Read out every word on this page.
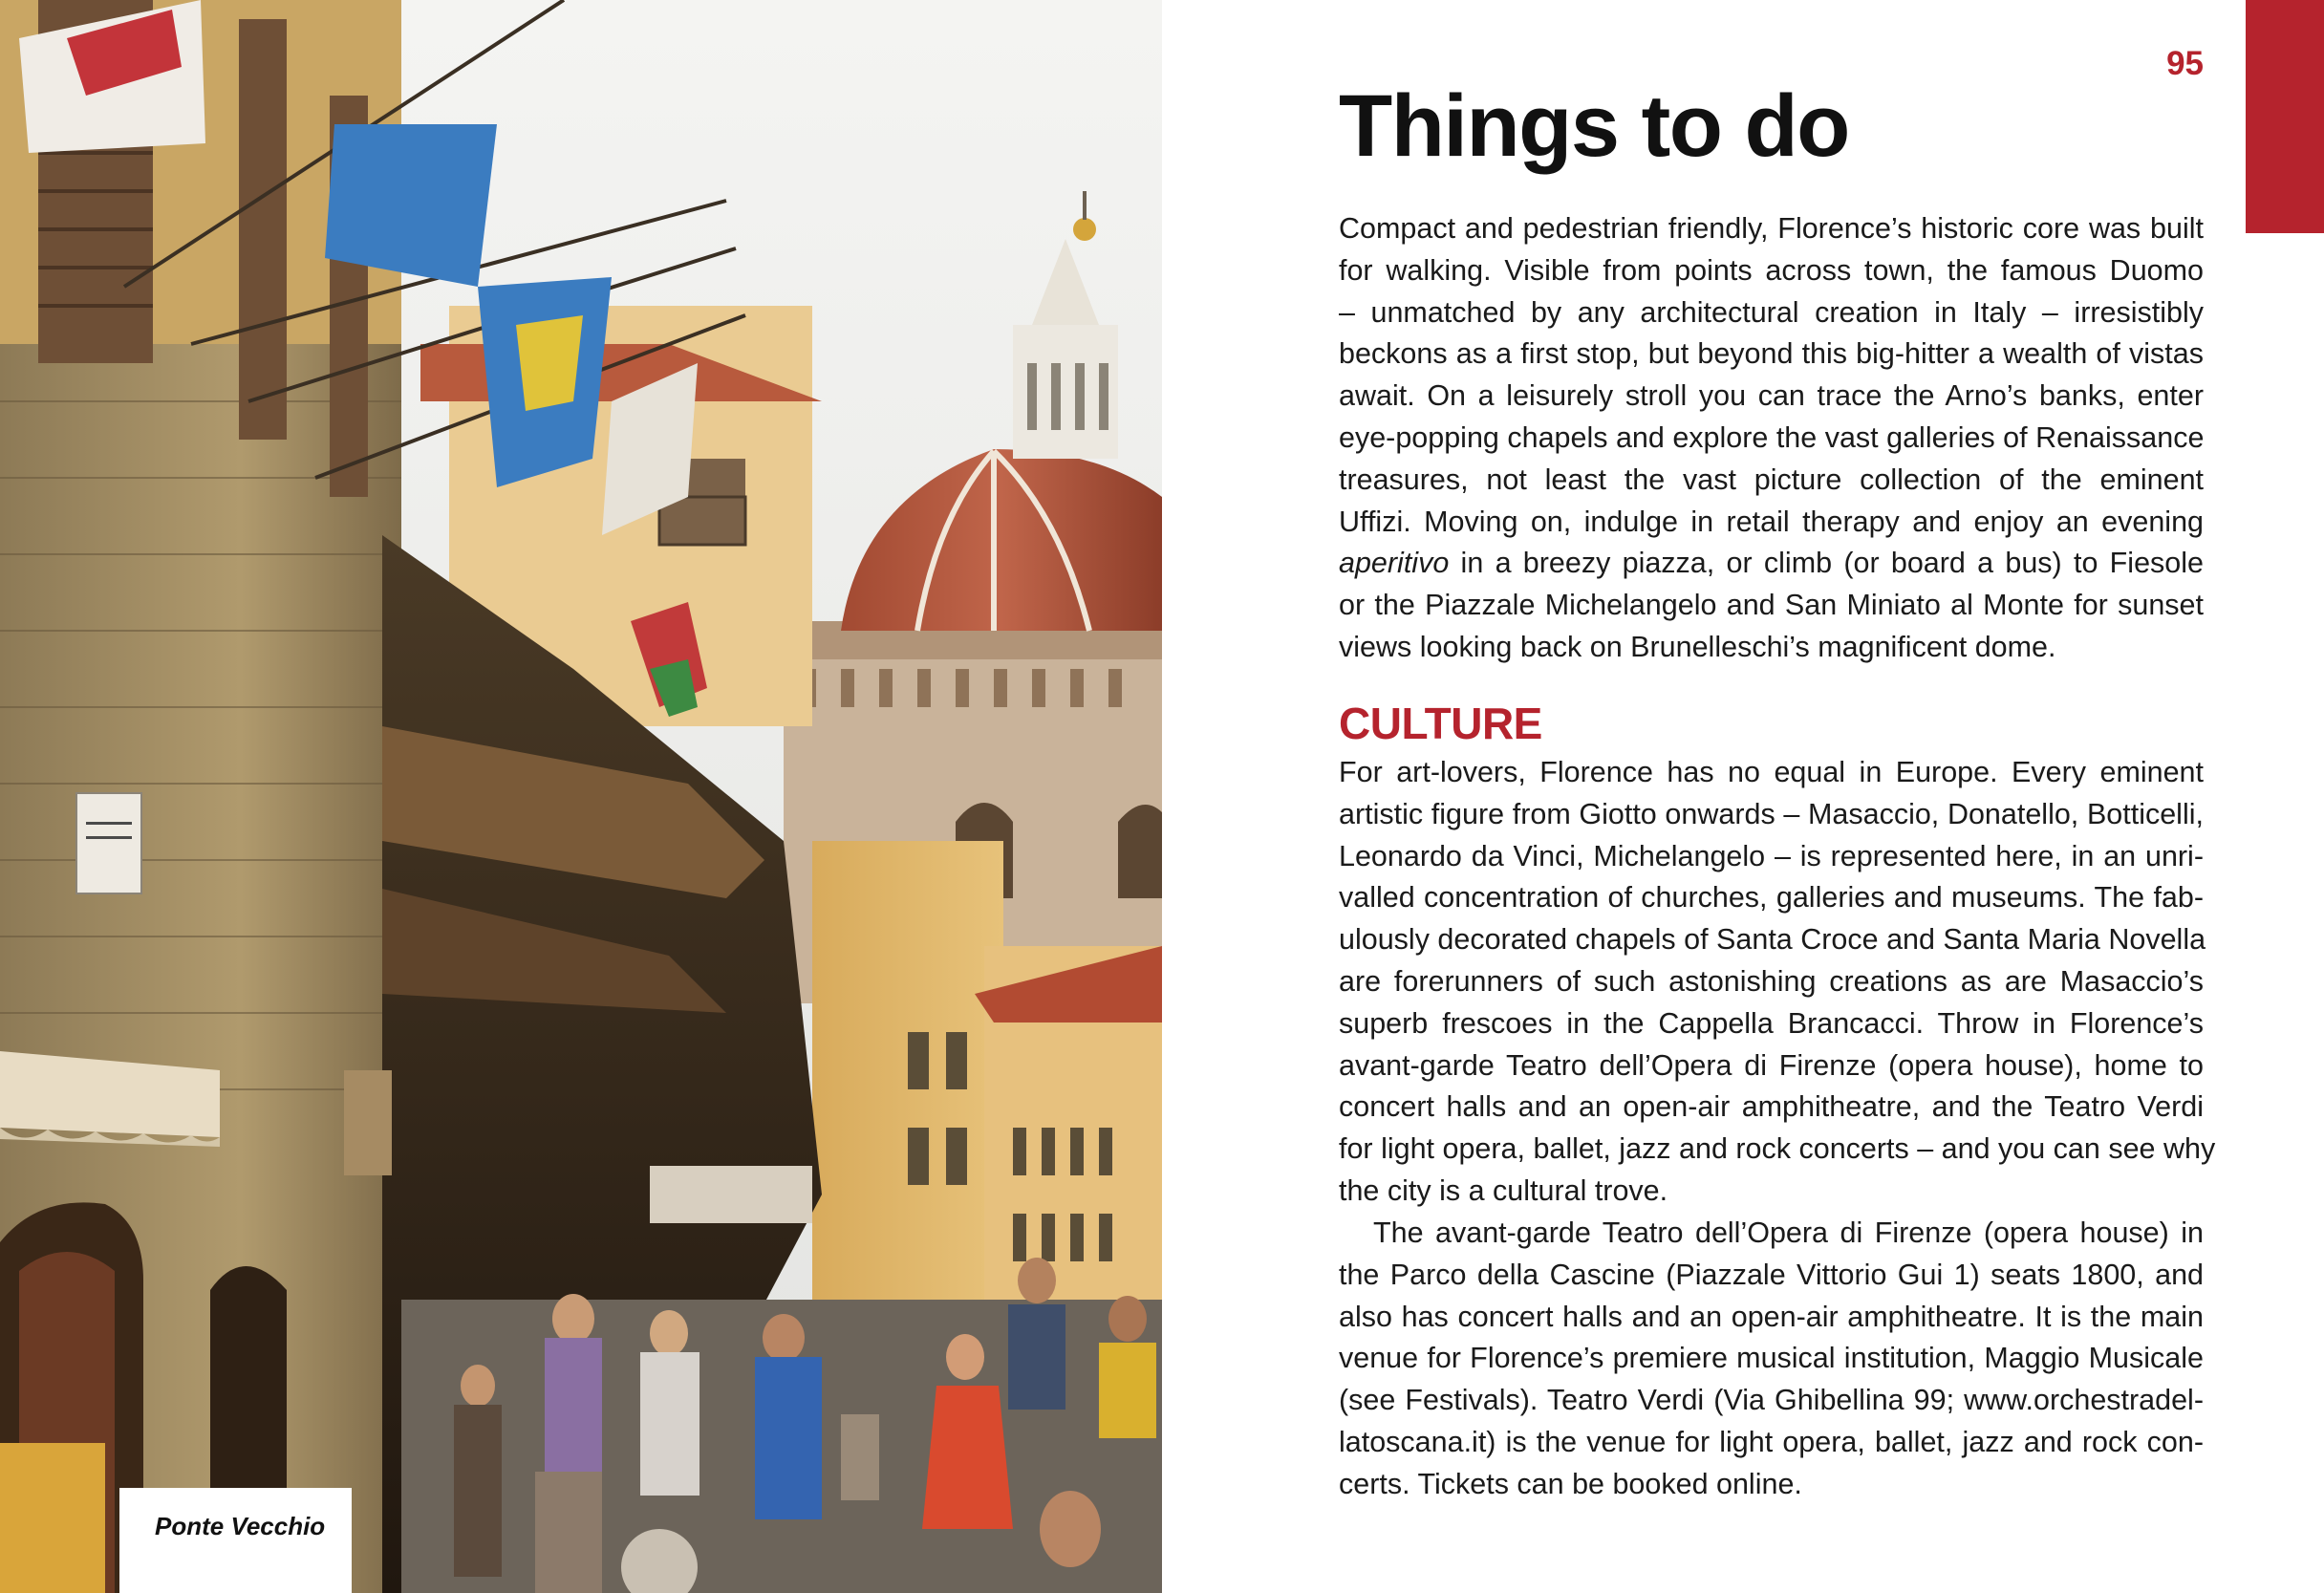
Ponte Vecchio
95
Things to do
Compact and pedestrian friendly, Florence’s historic core was built
for walking. Visible from points across town, the famous Duomo
– unmatched by any architectural creation in Italy – irresistibly
beckons as a first stop, but beyond this big-hitter a wealth of vistas
await. On a leisurely stroll you can trace the Arno’s banks, enter
eye-popping chapels and explore the vast galleries of Renaissance
treasures, not least the vast picture collection of the eminent
Uffizi. Moving on, indulge in retail therapy and enjoy an evening
aperitivo in a breezy piazza, or climb (or board a bus) to Fiesole
or the Piazzale Michelangelo and San Miniato al Monte for sunset
views looking back on Brunelleschi’s magnificent dome.
CULTURE
For art-lovers, Florence has no equal in Europe. Every eminent
artistic figure from Giotto onwards – Masaccio, Donatello, Botticelli,
Leonardo da Vinci, Michelangelo – is represented here, in an unri-
valled concentration of churches, galleries and museums. The fab-
ulously decorated chapels of Santa Croce and Santa Maria Novella
are forerunners of such astonishing creations as are Masaccio’s
superb frescoes in the Cappella Brancacci. Throw in Florence’s
avant-garde Teatro dell’Opera di Firenze (opera house), home to
concert halls and an open-air amphitheatre, and the Teatro Verdi
for light opera, ballet, jazz and rock concerts – and you can see why
the city is a cultural trove.
The avant-garde Teatro dell’Opera di Firenze (opera house) in
the Parco della Cascine (Piazzale Vittorio Gui 1) seats 1800, and
also has concert halls and an open-air amphitheatre. It is the main
venue for Florence’s premiere musical institution, Maggio Musicale
(see Festivals). Teatro Verdi (Via Ghibellina 99; www.orchestradel-
latoscana.it) is the venue for light opera, ballet, jazz and rock con-
certs. Tickets can be booked online.
